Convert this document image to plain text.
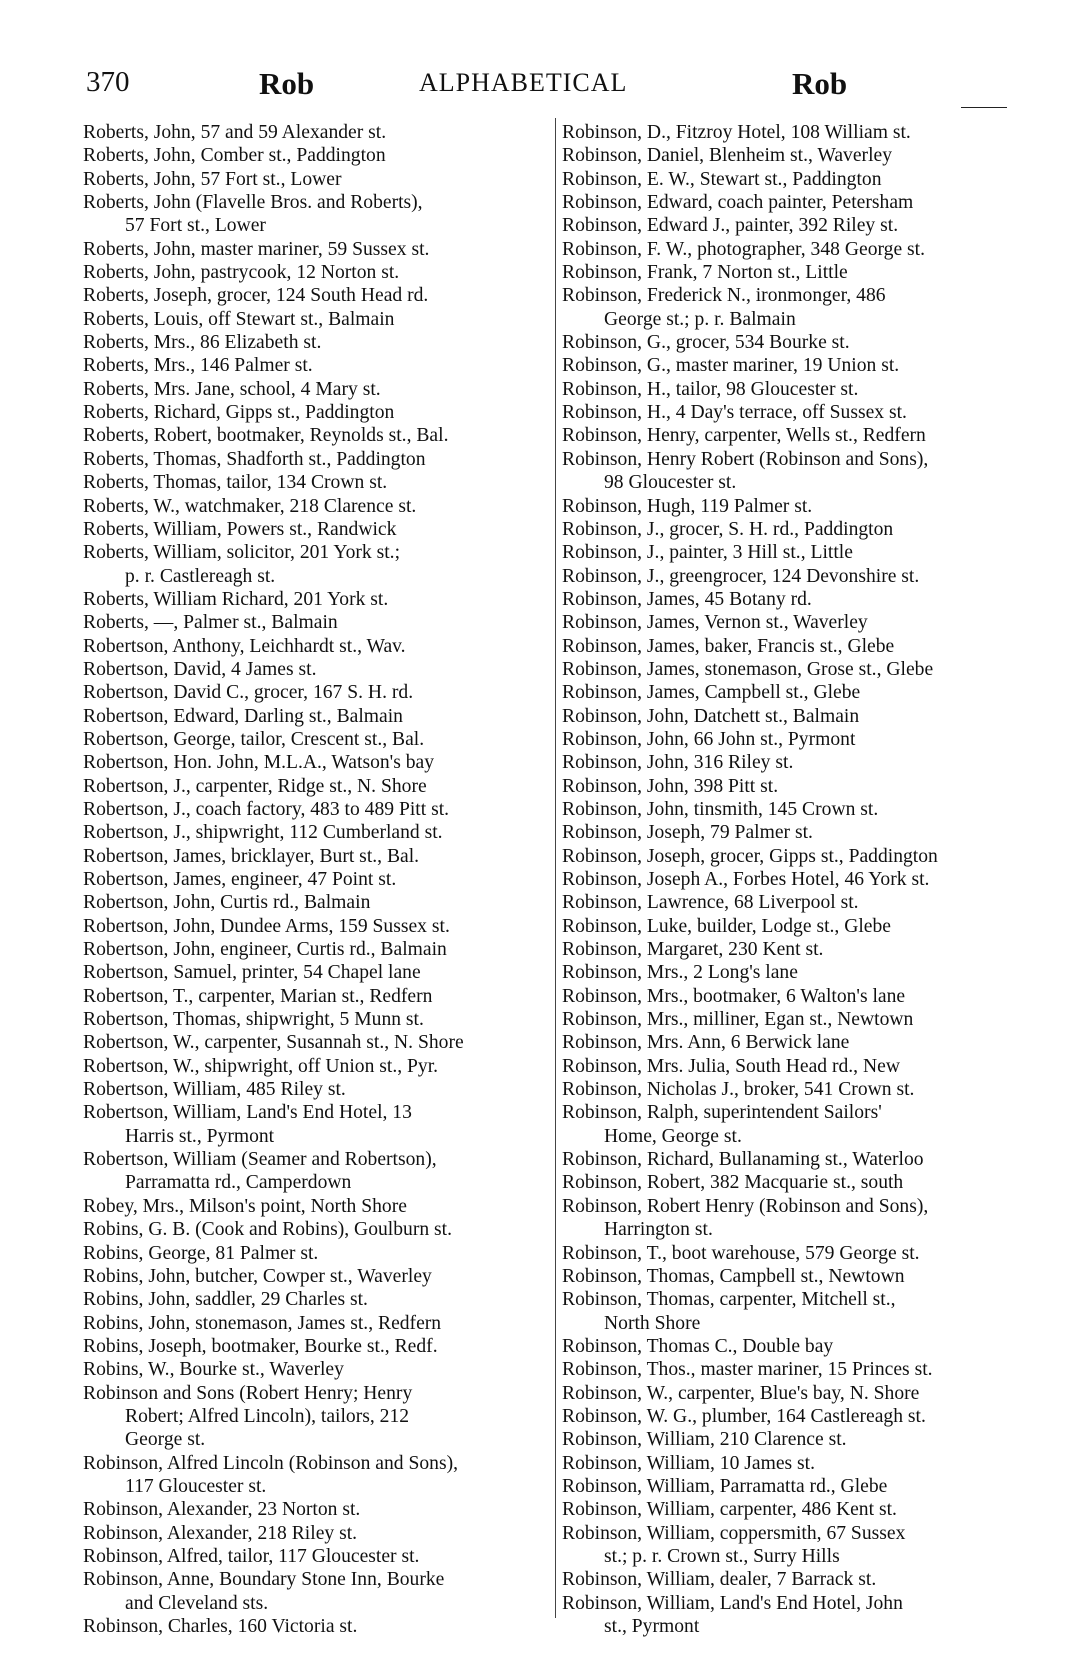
370	Rob	ALPHABETICAL	Rob
Roberts, John, 57 and 59 Alexander st.
Roberts, John, Comber st., Paddington
Roberts, John, 57 Fort st., Lower
Roberts, John (Flavelle Bros. and Roberts),
57 Fort st., Lower
Roberts, John, master mariner, 59 Sussex st.
Roberts, John, pastrycook, 12 Norton st.
Roberts, Joseph, grocer, 124 South Head rd.
Roberts, Louis, off Stewart st., Balmain
Roberts, Mrs., 86 Elizabeth st.
Roberts, Mrs., 146 Palmer st.
Roberts, Mrs. Jane, school, 4 Mary st.
Roberts, Richard, Gipps st., Paddington
Roberts, Robert, bootmaker, Reynolds st., Bal.
Roberts, Thomas, Shadforth st., Paddington
Roberts, Thomas, tailor, 134 Crown st.
Roberts, W., watchmaker, 218 Clarence st.
Roberts, William, Powers st., Randwick
Roberts, William, solicitor, 201 York st.;
p. r. Castlereagh st.
Roberts, William Richard, 201 York st.
Roberts, —, Palmer st., Balmain
Robertson, Anthony, Leichhardt st., Wav.
Robertson, David, 4 James st.
Robertson, David C., grocer, 167 S. H. rd.
Robertson, Edward, Darling st., Balmain
Robertson, George, tailor, Crescent st., Bal.
Robertson, Hon. John, M.L.A., Watson's bay
Robertson, J., carpenter, Ridge st., N. Shore
Robertson, J., coach factory, 483 to 489 Pitt st.
Robertson, J., shipwright, 112 Cumberland st.
Robertson, James, bricklayer, Burt st., Bal.
Robertson, James, engineer, 47 Point st.
Robertson, John, Curtis rd., Balmain
Robertson, John, Dundee Arms, 159 Sussex st.
Robertson, John, engineer, Curtis rd., Balmain
Robertson, Samuel, printer, 54 Chapel lane
Robertson, T., carpenter, Marian st., Redfern
Robertson, Thomas, shipwright, 5 Munn st.
Robertson, W., carpenter, Susannah st., N. Shore
Robertson, W., shipwright, off Union st., Pyr.
Robertson, William, 485 Riley st.
Robertson, William, Land's End Hotel, 13
Harris st., Pyrmont
Robertson, William (Seamer and Robertson),
Parramatta rd., Camperdown
Robey, Mrs., Milson's point, North Shore
Robins, G. B. (Cook and Robins), Goulburn st.
Robins, George, 81 Palmer st.
Robins, John, butcher, Cowper st., Waverley
Robins, John, saddler, 29 Charles st.
Robins, John, stonemason, James st., Redfern
Robins, Joseph, bootmaker, Bourke st., Redf.
Robins, W., Bourke st., Waverley
Robinson and Sons (Robert Henry; Henry
Robert; Alfred Lincoln), tailors, 212
George st.
Robinson, Alfred Lincoln (Robinson and Sons),
117 Gloucester st.
Robinson, Alexander, 23 Norton st.
Robinson, Alexander, 218 Riley st.
Robinson, Alfred, tailor, 117 Gloucester st.
Robinson, Anne, Boundary Stone Inn, Bourke
and Cleveland sts.
Robinson, Charles, 160 Victoria st.
Robinson, D., Fitzroy Hotel, 108 William st.
Robinson, Daniel, Blenheim st., Waverley
Robinson, E. W., Stewart st., Paddington
Robinson, Edward, coach painter, Petersham
Robinson, Edward J., painter, 392 Riley st.
Robinson, F. W., photographer, 348 George st.
Robinson, Frank, 7 Norton st., Little
Robinson, Frederick N., ironmonger, 486
George st.; p. r. Balmain
Robinson, G., grocer, 534 Bourke st.
Robinson, G., master mariner, 19 Union st.
Robinson, H., tailor, 98 Gloucester st.
Robinson, H., 4 Day's terrace, off Sussex st.
Robinson, Henry, carpenter, Wells st., Redfern
Robinson, Henry Robert (Robinson and Sons),
98 Gloucester st.
Robinson, Hugh, 119 Palmer st.
Robinson, J., grocer, S. H. rd., Paddington
Robinson, J., painter, 3 Hill st., Little
Robinson, J., greengrocer, 124 Devonshire st.
Robinson, James, 45 Botany rd.
Robinson, James, Vernon st., Waverley
Robinson, James, baker, Francis st., Glebe
Robinson, James, stonemason, Grose st., Glebe
Robinson, James, Campbell st., Glebe
Robinson, John, Datchett st., Balmain
Robinson, John, 66 John st., Pyrmont
Robinson, John, 316 Riley st.
Robinson, John, 398 Pitt st.
Robinson, John, tinsmith, 145 Crown st.
Robinson, Joseph, 79 Palmer st.
Robinson, Joseph, grocer, Gipps st., Paddington
Robinson, Joseph A., Forbes Hotel, 46 York st.
Robinson, Lawrence, 68 Liverpool st.
Robinson, Luke, builder, Lodge st., Glebe
Robinson, Margaret, 230 Kent st.
Robinson, Mrs., 2 Long's lane
Robinson, Mrs., bootmaker, 6 Walton's lane
Robinson, Mrs., milliner, Egan st., Newtown
Robinson, Mrs. Ann, 6 Berwick lane
Robinson, Mrs. Julia, South Head rd., New
Robinson, Nicholas J., broker, 541 Crown st.
Robinson, Ralph, superintendent Sailors'
Home, George st.
Robinson, Richard, Bullanaming st., Waterloo
Robinson, Robert, 382 Macquarie st., south
Robinson, Robert Henry (Robinson and Sons),
Harrington st.
Robinson, T., boot warehouse, 579 George st.
Robinson, Thomas, Campbell st., Newtown
Robinson, Thomas, carpenter, Mitchell st.,
North Shore
Robinson, Thomas C., Double bay
Robinson, Thos., master mariner, 15 Princes st.
Robinson, W., carpenter, Blue's bay, N. Shore
Robinson, W. G., plumber, 164 Castlereagh st.
Robinson, William, 210 Clarence st.
Robinson, William, 10 James st.
Robinson, William, Parramatta rd., Glebe
Robinson, William, carpenter, 486 Kent st.
Robinson, William, coppersmith, 67 Sussex
st.; p. r. Crown st., Surry Hills
Robinson, William, dealer, 7 Barrack st.
Robinson, William, Land's End Hotel, John
st., Pyrmont
